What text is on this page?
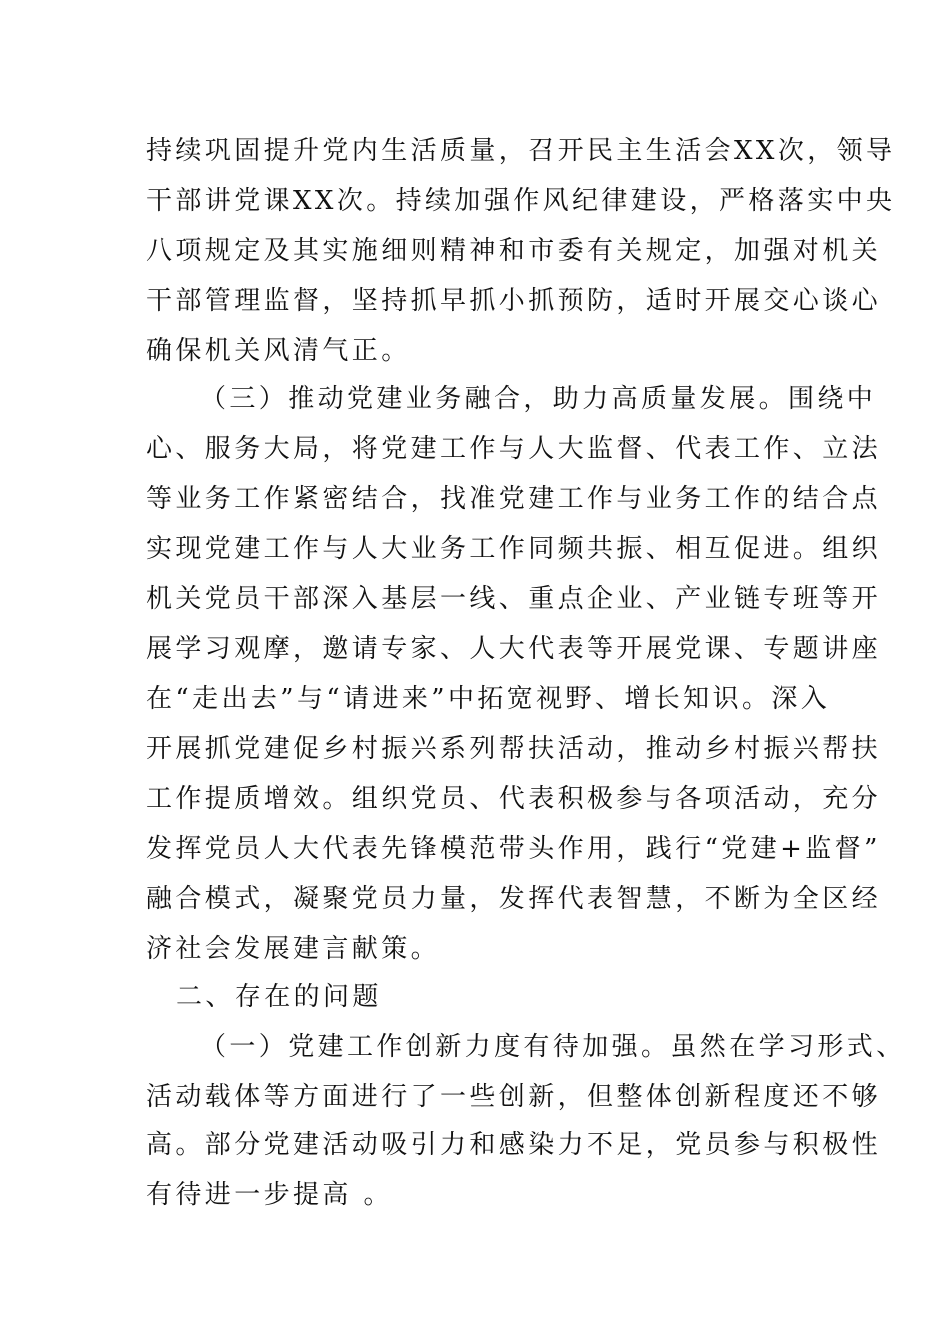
持续巩固提升党内生活质量，召开民主生活会XX次，领导
干部讲党课XX次。持续加强作风纪律建设，严格落实中央
八项规定及其实施细则精神和市委有关规定，加强对机关
干部管理监督，坚持抓早抓小抓预防，适时开展交心谈心
确保机关风清气正。
（三）推动党建业务融合，助力高质量发展。围绕中
心、服务大局，将党建工作与人大监督、代表工作、立法
等业务工作紧密结合，找准党建工作与业务工作的结合点
实现党建工作与人大业务工作同频共振、相互促进。组织
机关党员干部深入基层一线、重点企业、产业链专班等开
展学习观摩，邀请专家、人大代表等开展党课、专题讲座
在“走出去”与“请进来”中拓宽视野、增长知识。深入
开展抓党建促乡村振兴系列帮扶活动，推动乡村振兴帮扶
工作提质增效。组织党员、代表积极参与各项活动，充分
发挥党员人大代表先锋模范带头作用，践行“党建+监督”
融合模式，凝聚党员力量，发挥代表智慧，不断为全区经
济社会发展建言献策。
二、存在的问题
（一）党建工作创新力度有待加强。虽然在学习形式、
活动载体等方面进行了一些创新，但整体创新程度还不够
高。部分党建活动吸引力和感染力不足，党员参与积极性
有待进一步提高 。
